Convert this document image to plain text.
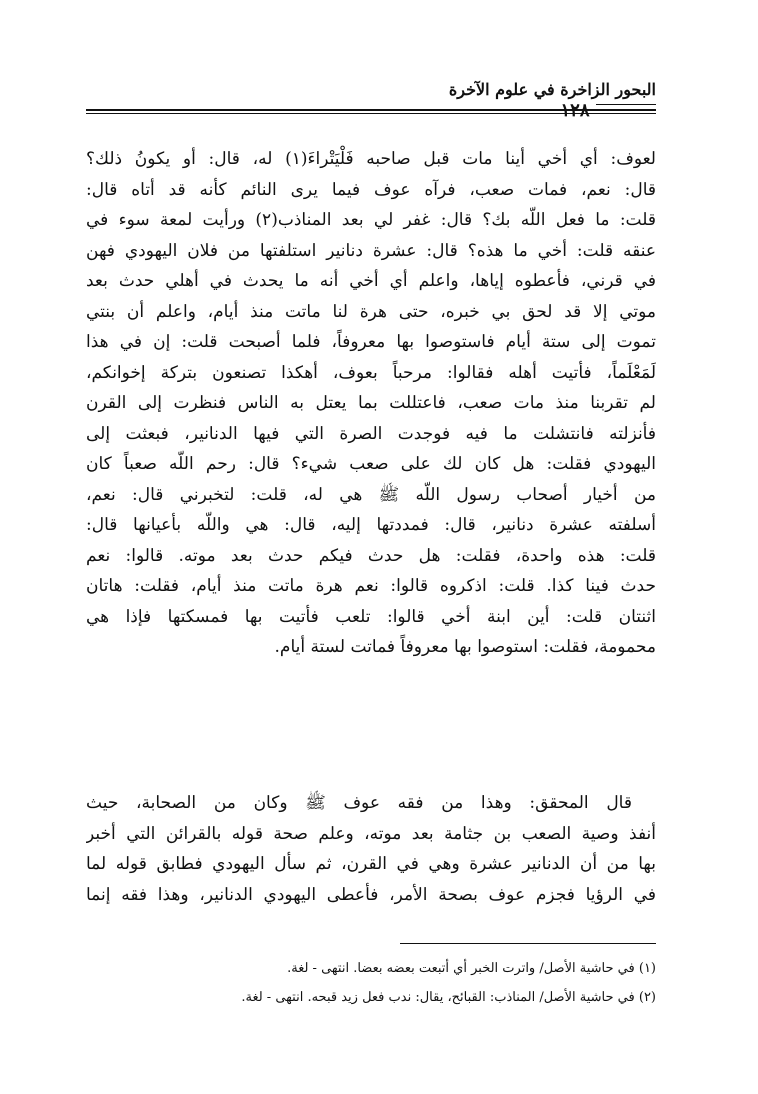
البحور الزاخرة في علوم الآخرة
١٢٨
لعوف: أي أخي أينا مات قبل صاحبه فَلْيَتْراءَ(١) له، قال: أو يكونُ ذلك؟
قال: نعم، فمات صعب، فرآه عوف فيما يرى النائم كأنه قد أتاه قال:
قلت: ما فعل اللّه بك؟ قال: غفر لي بعد المناذب(٢) ورأيت لمعة سوء في
عنقه قلت: أخي ما هذه؟ قال: عشرة دنانير استلفتها من فلان اليهودي فهن
في قرني، فأعطوه إياها، واعلم أي أخي أنه ما يحدث في أهلي حدث بعد
موتي إلا قد لحق بي خبره، حتى هرة لنا ماتت منذ أيام، واعلم أن بنتي
تموت إلى ستة أيام فاستوصوا بها معروفاً، فلما أصبحت قلت: إن في هذا
لَمَعْلَماً، فأتيت أهله فقالوا: مرحباً بعوف، أهكذا تصنعون بتركة إخوانكم،
لم تقربنا منذ مات صعب، فاعتللت بما يعتل به الناس فنظرت إلى القرن
فأنزلته فانتشلت ما فيه فوجدت الصرة التي فيها الدنانير، فبعثت إلى
اليهودي فقلت: هل كان لك على صعب شيء؟ قال: رحم اللّه صعباً كان
من أخيار أصحاب رسول اللّه ﷺ هي له، قلت: لتخبرني قال: نعم،
أسلفته عشرة دنانير، قال: فمددتها إليه، قال: هي واللّه بأعيانها قال:
قلت: هذه واحدة، فقلت: هل حدث فيكم حدث بعد موته. قالوا: نعم
حدث فينا كذا. قلت: اذكروه قالوا: نعم هرة ماتت منذ أيام، فقلت: هاتان
اثنتان قلت: أين ابنة أخي قالوا: تلعب فأتيت بها فمسكتها فإذا هي
محمومة، فقلت: استوصوا بها معروفاً فماتت لستة أيام.
قال المحقق: وهذا من فقه عوف ﷺ وكان من الصحابة، حيث
أنفذ وصية الصعب بن جثامة بعد موته، وعلم صحة قوله بالقرائن التي أخبر
بها من أن الدنانير عشرة وهي في القرن، ثم سأل اليهودي فطابق قوله لما
في الرؤيا فجزم عوف بصحة الأمر، فأعطى اليهودي الدنانير، وهذا فقه إنما
(١) في حاشية الأصل/ واترت الخبر أي أتبعت بعضه بعضا. انتهى - لغة.
(٢) في حاشية الأصل/ المناذب: القبائح، يقال: ندب فعل زيد قبحه. انتهى - لغة.
